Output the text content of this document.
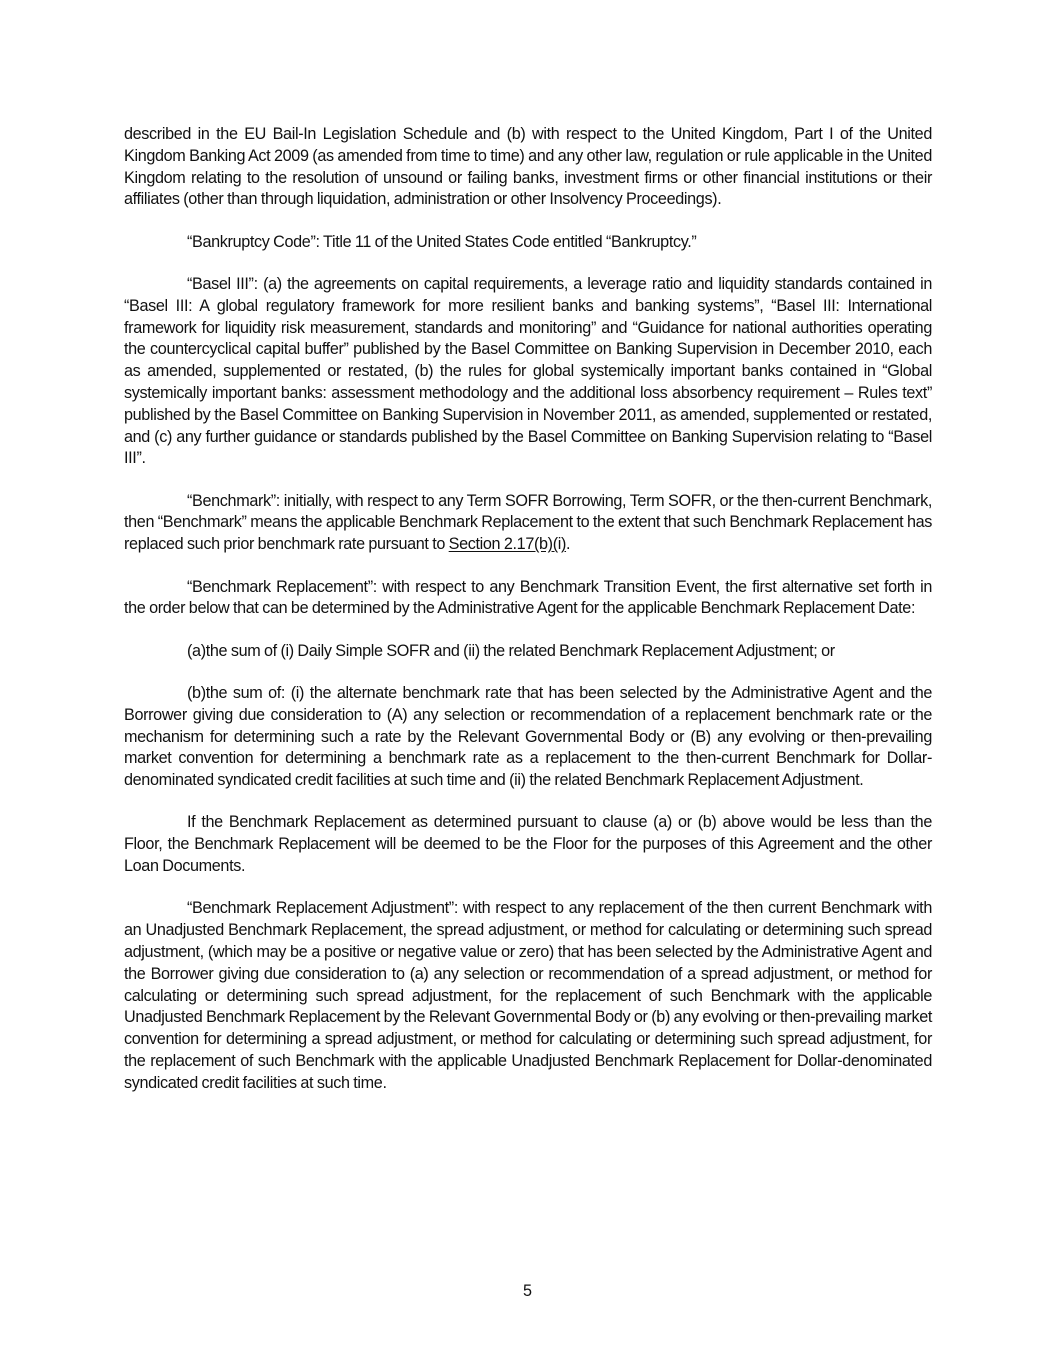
described in the EU Bail-In Legislation Schedule and (b) with respect to the United Kingdom, Part I of the United Kingdom Banking Act 2009 (as amended from time to time) and any other law, regulation or rule applicable in the United Kingdom relating to the resolution of unsound or failing banks, investment firms or other financial institutions or their affiliates (other than through liquidation, administration or other Insolvency Proceedings).

“Bankruptcy Code”: Title 11 of the United States Code entitled “Bankruptcy.”

“Basel III”: (a) the agreements on capital requirements, a leverage ratio and liquidity standards contained in “Basel III: A global regulatory framework for more resilient banks and banking systems”, “Basel III: International framework for liquidity risk measurement, standards and monitoring” and “Guidance for national authorities operating the countercyclical capital buffer” published by the Basel Committee on Banking Supervision in December 2010, each as amended, supplemented or restated, (b) the rules for global systemically important banks contained in “Global systemically important banks: assessment methodology and the additional loss absorbency requirement – Rules text” published by the Basel Committee on Banking Supervision in November 2011, as amended, supplemented or restated, and (c) any further guidance or standards published by the Basel Committee on Banking Supervision relating to “Basel III”.

“Benchmark”: initially, with respect to any Term SOFR Borrowing, Term SOFR, or the then-current Benchmark, then “Benchmark” means the applicable Benchmark Replacement to the extent that such Benchmark Replacement has replaced such prior benchmark rate pursuant to Section 2.17(b)(i).

“Benchmark Replacement”: with respect to any Benchmark Transition Event, the first alternative set forth in the order below that can be determined by the Administrative Agent for the applicable Benchmark Replacement Date:

(a)the sum of (i) Daily Simple SOFR and (ii) the related Benchmark Replacement Adjustment; or

(b)the sum of: (i) the alternate benchmark rate that has been selected by the Administrative Agent and the Borrower giving due consideration to (A) any selection or recommendation of a replacement benchmark rate or the mechanism for determining such a rate by the Relevant Governmental Body or (B) any evolving or then-prevailing market convention for determining a benchmark rate as a replacement to the then-current Benchmark for Dollar-denominated syndicated credit facilities at such time and (ii) the related Benchmark Replacement Adjustment.

If the Benchmark Replacement as determined pursuant to clause (a) or (b) above would be less than the Floor, the Benchmark Replacement will be deemed to be the Floor for the purposes of this Agreement and the other Loan Documents.

“Benchmark Replacement Adjustment”: with respect to any replacement of the then current Benchmark with an Unadjusted Benchmark Replacement, the spread adjustment, or method for calculating or determining such spread adjustment, (which may be a positive or negative value or zero) that has been selected by the Administrative Agent and the Borrower giving due consideration to (a) any selection or recommendation of a spread adjustment, or method for calculating or determining such spread adjustment, for the replacement of such Benchmark with the applicable Unadjusted Benchmark Replacement by the Relevant Governmental Body or (b) any evolving or then-prevailing market convention for determining a spread adjustment, or method for calculating or determining such spread adjustment, for the replacement of such Benchmark with the applicable Unadjusted Benchmark Replacement for Dollar-denominated syndicated credit facilities at such time.

5
